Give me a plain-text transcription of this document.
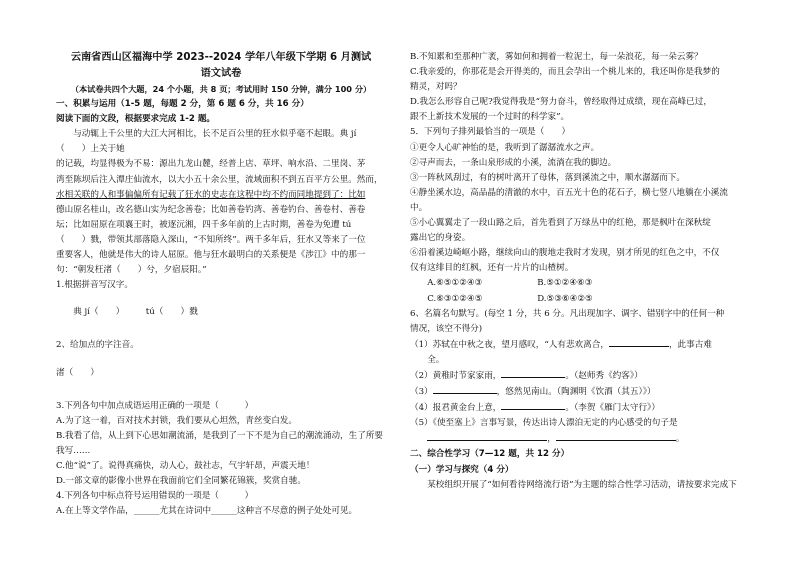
云南省西山区福海中学 2023--2024 学年八年级下学期 6 月测试

语文试卷

（本试卷共四个大题，24 个小题，共 8 页；考试用时 150 分钟，满分 100 分）

一、积累与运用（1-5 题，每题 2 分，第 6 题 6 分，共 16 分）

阅读下面的文段，根据要求完成 1-2 题。

与动辄上千公里的大江大河相比，长不足百公里的狂水似乎毫不起眼。典 jí（　　）上关于她

的记载，均显得极为不易：源出九龙山麓，经普上店、草坪、响水沿、二里岗、茅

湾至陈坝后注入潭庄仙流水，以大小五十余公里，流域面积不到五百平方公里。然而，

水相关联的人和事偏偏所有记载了狂水的史志在这程中均不约而同地提到了：比如

德山原名桂山，改名德山实为纪念善卷；比如善卷钓湾、善卷钓台、善卷村、善卷

坛；比如屈原在项襄王时，被逐沅湘，四千多年前的上古时期，善卷为免遭 tú

（　　）戮，带领其部落隐入深山，“不知所终”。两千多年后，狂水又等来了一位

重要客人，他就是伟大的诗人屈原。他与狂水最明白的关系便是《涉江》中的那一

句：“朝发枉渚（　　）兮，夕宿辰阳。”

1.根据拼音写汉字。

典 jí（　　）　　　tú（　　）戮

2、给加点的字注音。

渚（　　）

3.下列各句中加点成语运用正确的一项是（　　　）

A.为了这一着，百对技术封锁，我们要从心坦然，青丝变白发。

B.我看了信，从上到下心思如潮流涌，是我到了一下不是为自己的潮流涌动，生了所要我写……

C.他“说”了。说得真痛快，动人心，鼓社志，气宇轩昂，声震天地！

D.一部文章的影像小世界在我面前它们全同繁花锦簇，奖赏自驰。

4.下列各句中标点符号运用错误的一项是（　　　）

A.在上等文学作品，______尤其在诗词中______这种言不尽意的例子处处可见。

B.不知累和至那种广袤，雾如何和拥着一粒泥土，每一朵浪花，每一朵云雾？

C.我亲爱的，你那花是会开得美的，而且会孕出一个桃儿来的，我还叫你是我梦的

精灵，对吗？

D.我怎么形容自己呢?我觉得我是“努力奋斗，曾经取得过成绩，现在高峰已过，

跟不上新技术发展的一个过时的科学家”。

5．下列句子排列最恰当的一项是（　　）

①更令人心旷神怡的是，我听到了潺潺流水之声。

②寻声而去，一条山泉形成的小溪，流淌在我的脚边。

③一阵秋风刮过，有的树叶离开了母体，落到溪流之中，顺水潺潺而下。

④静坐溪水边，高品晶的清澈的水中，百五光十色的花石子，横七竖八地躺在小溪流中。

⑤小心翼翼走了一段山路之后，首先看到了万绿丛中的红艳，那是枫叶在深秋绽

露出它的身姿。

⑥沿着溪边崎岖小路，继续向山的腹地走我时才发现，别才所见的红色之中，不仅

仅有这绯目的红枫，还有一片片的山楂树。

A.⑥⑤①②④③	B.⑤①②④⑥③
C.⑥③①②④⑤	D.⑤③⑥④②⑤

6、名篇名句默写。(每空 1 分，共 6 分。凡出现加字、调字、错别字中的任何一种

情况，该空不得分)

（1）苏轼在中秋之夜，望月感叹，“人有悲欢离合，	，此事古难

全。

（2）黄稚时节家家雨，	。（赵师秀《约客》）

（3）	，悠然见南山。（陶渊明《饮酒（其五）》）

（4）报君黄金台上意，	。（李贺《雁门太守行》）

（5）《使至塞上》言事写景，传达出诗人漂泊无定的内心感受的句子是

，	。

二、综合性学习（7—12 题，共 12 分）

（一）学习与探究（4 分）

某校组织开展了“如何看待网络流行语”为主题的综合性学习活动，请按要求完成下
